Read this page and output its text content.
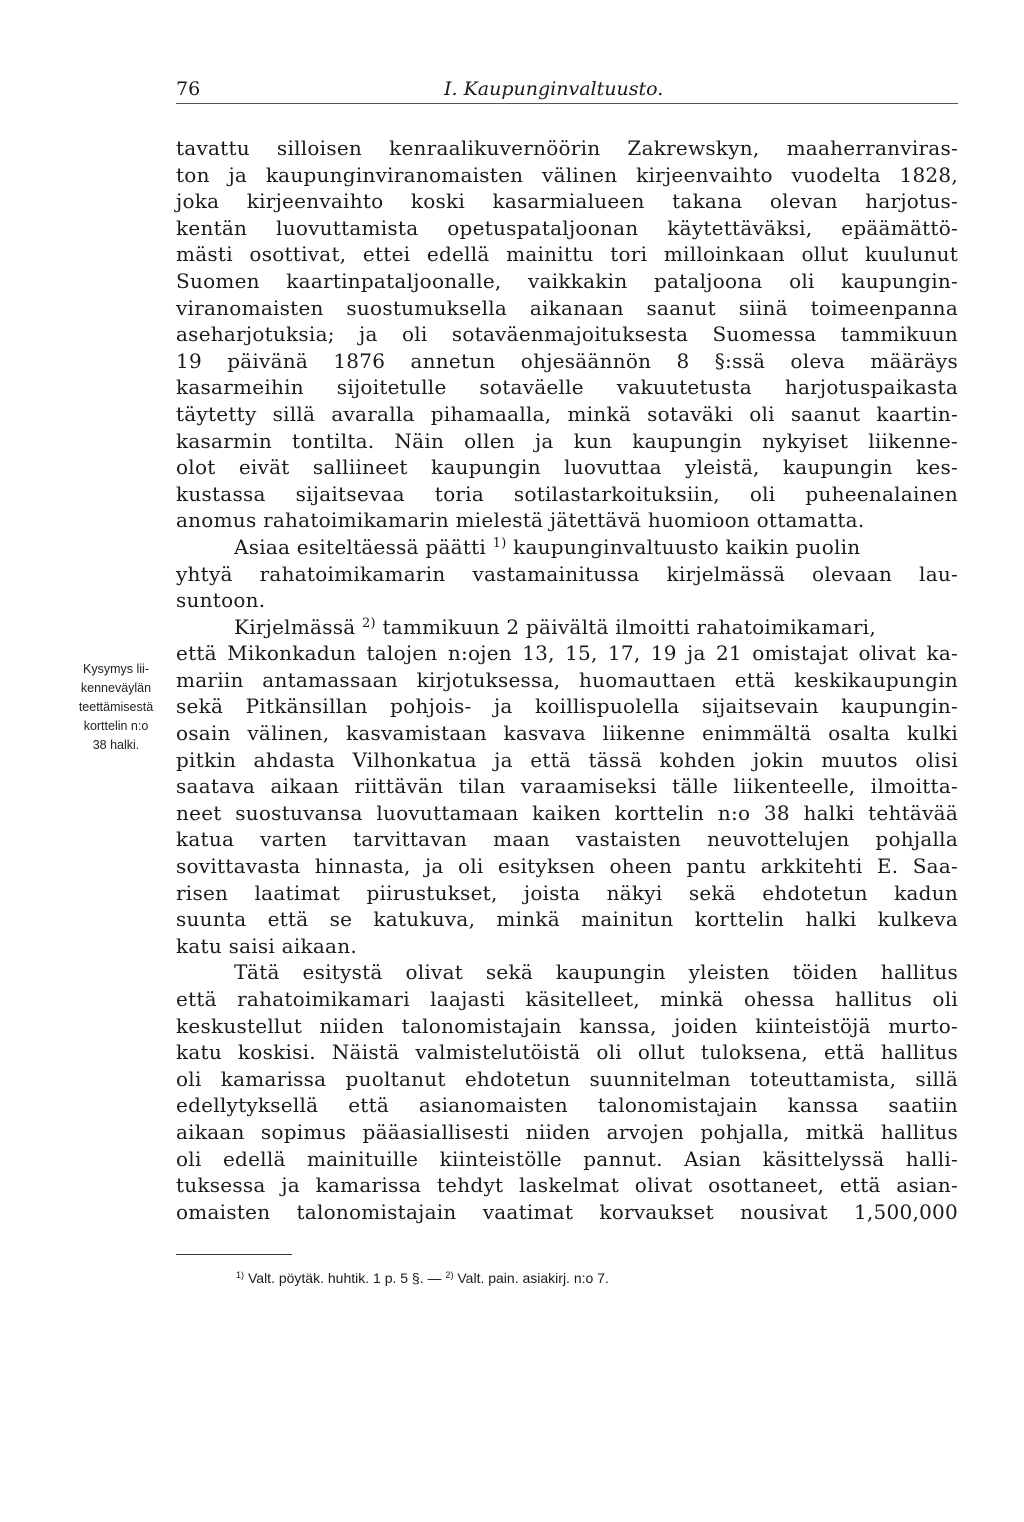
76	I. Kaupunginvaltuusto.
Kysymys lii-
kenneväylän
teettämisestä
korttelin n:o
38 halki.
tavattu silloisen kenraalikuvernöörin Zakrewskyn, maaherranviras-
ton ja kaupunginviranomaisten välinen kirjeenvaihto vuodelta 1828,
joka kirjeenvaihto koski kasarmialueen takana olevan harjotus-
kentän luovuttamista opetuspataljoonan käytettäväksi, epäämättö-
mästi osottivat, ettei edellä mainittu tori milloinkaan ollut kuulunut
Suomen kaartinpataljoonalle, vaikkakin pataljoona oli kaupungin-
viranomaisten suostumuksella aikanaan saanut siinä toimeenpanna
aseharjotuksia; ja oli sotaväenmajoituksesta Suomessa tammikuun
19 päivänä 1876 annetun ohjesäännön 8 §:ssä oleva määräys
kasarmeihin sijoitetulle sotaväelle vakuutetusta harjotuspaikasta
täytetty sillä avaralla pihamaalla, minkä sotaväki oli saanut kaartin-
kasarmin tontilta. Näin ollen ja kun kaupungin nykyiset liikenne-
olot eivät salliineet kaupungin luovuttaa yleistä, kaupungin kes-
kustassa sijaitsevaa toria sotilastarkoituksiin, oli puheenalainen
anomus rahatoimikamarin mielestä jätettävä huomioon ottamatta.
Asiaa esiteltäessä päätti $^{1)}$ kaupunginvaltuusto kaikin puolin
yhtyä rahatoimikamarin vastamainitussa kirjelmässä olevaan lau-
suntoon.
Kirjelmässä $^{2)}$ tammikuun 2 päivältä ilmoitti rahatoimikamari,
että Mikonkadun talojen n:ojen 13, 15, 17, 19 ja 21 omistajat olivat ka-
mariin antamassaan kirjotuksessa, huomauttaen että keskikaupungin
sekä Pitkänsillan pohjois- ja koillispuolella sijaitsevain kaupungin-
osain välinen, kasvamistaan kasvava liikenne enimmältä osalta kulki
pitkin ahdasta Vilhonkatua ja että tässä kohden jokin muutos olisi
saatava aikaan riittävän tilan varaamiseksi tälle liikenteelle, ilmoitta-
neet suostuvansa luovuttamaan kaiken korttelin n:o 38 halki tehtävää
katua varten tarvittavan maan vastaisten neuvottelujen pohjalla
sovittavasta hinnasta, ja oli esityksen oheen pantu arkkitehti E. Saa-
risen laatimat piirustukset, joista näkyi sekä ehdotetun kadun
suunta että se katukuva, minkä mainitun korttelin halki kulkeva
katu saisi aikaan.
Tätä esitystä olivat sekä kaupungin yleisten töiden hallitus
että rahatoimikamari laajasti käsitelleet, minkä ohessa hallitus oli
keskustellut niiden talonomistajain kanssa, joiden kiinteistöjä murto-
katu koskisi. Näistä valmistelutöistä oli ollut tuloksena, että hallitus
oli kamarissa puoltanut ehdotetun suunnitelman toteuttamista, sillä
edellytyksellä että asianomaisten talonomistajain kanssa saatiin
aikaan sopimus pääasiallisesti niiden arvojen pohjalla, mitkä hallitus
oli edellä mainituille kiinteistölle pannut. Asian käsittelyssä halli-
tuksessa ja kamarissa tehdyt laskelmat olivat osottaneet, että asian-
omaisten talonomistajain vaatimat korvaukset nousivat 1,500,000
$^{1)}$ Valt. pöytäk. huhtik. 1 p. 5 §. — $^{2)}$ Valt. pain. asiakirj. n:o 7.
